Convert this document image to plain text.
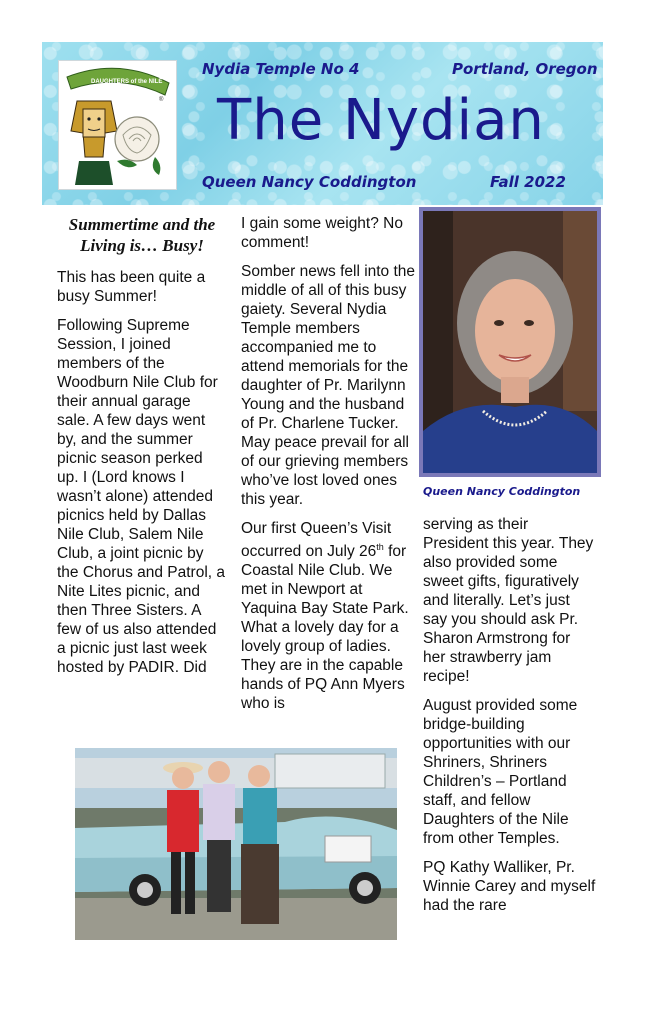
DAUGHTERS of the NILE
®
Nydia Temple No 4	Portland, Oregon
The Nydian
Queen Nancy Coddington	Fall 2022
Summertime and the Living is… Busy!

This has been quite a busy Summer!

Following Supreme Session, I joined members of the Woodburn Nile Club for their annual garage sale. A few days went by, and the summer picnic season perked up. I (Lord knows I wasn’t alone) attended picnics held by Dallas Nile Club, Salem Nile Club, a joint picnic by the Chorus and Patrol, a Nite Lites picnic, and then Three Sisters. A few of us also attended a picnic just last week hosted by PADIR. Did

I gain some weight? No comment!

Somber news fell into the middle of all of this busy gaiety. Several Nydia Temple members accompanied me to attend memorials for the daughter of Pr. Marilynn Young and the husband of Pr. Charlene Tucker. May peace prevail for all of our grieving members who’ve lost loved ones this year.

Our first Queen’s Visit occurred on July 26th for Coastal Nile Club. We met in Newport at Yaquina Bay State Park. What a lovely day for a lovely group of ladies. They are in the capable hands of PQ Ann Myers who is

Queen Nancy Coddington

serving as their President this year. They also provided some sweet gifts, figuratively and literally. Let’s just say you should ask Pr. Sharon Armstrong for her strawberry jam recipe!

August provided some bridge-building opportunities with our Shriners, Shriners Children’s – Portland staff, and fellow Daughters of the Nile from other Temples.

PQ Kathy Walliker, Pr. Winnie Carey and myself had the rare
